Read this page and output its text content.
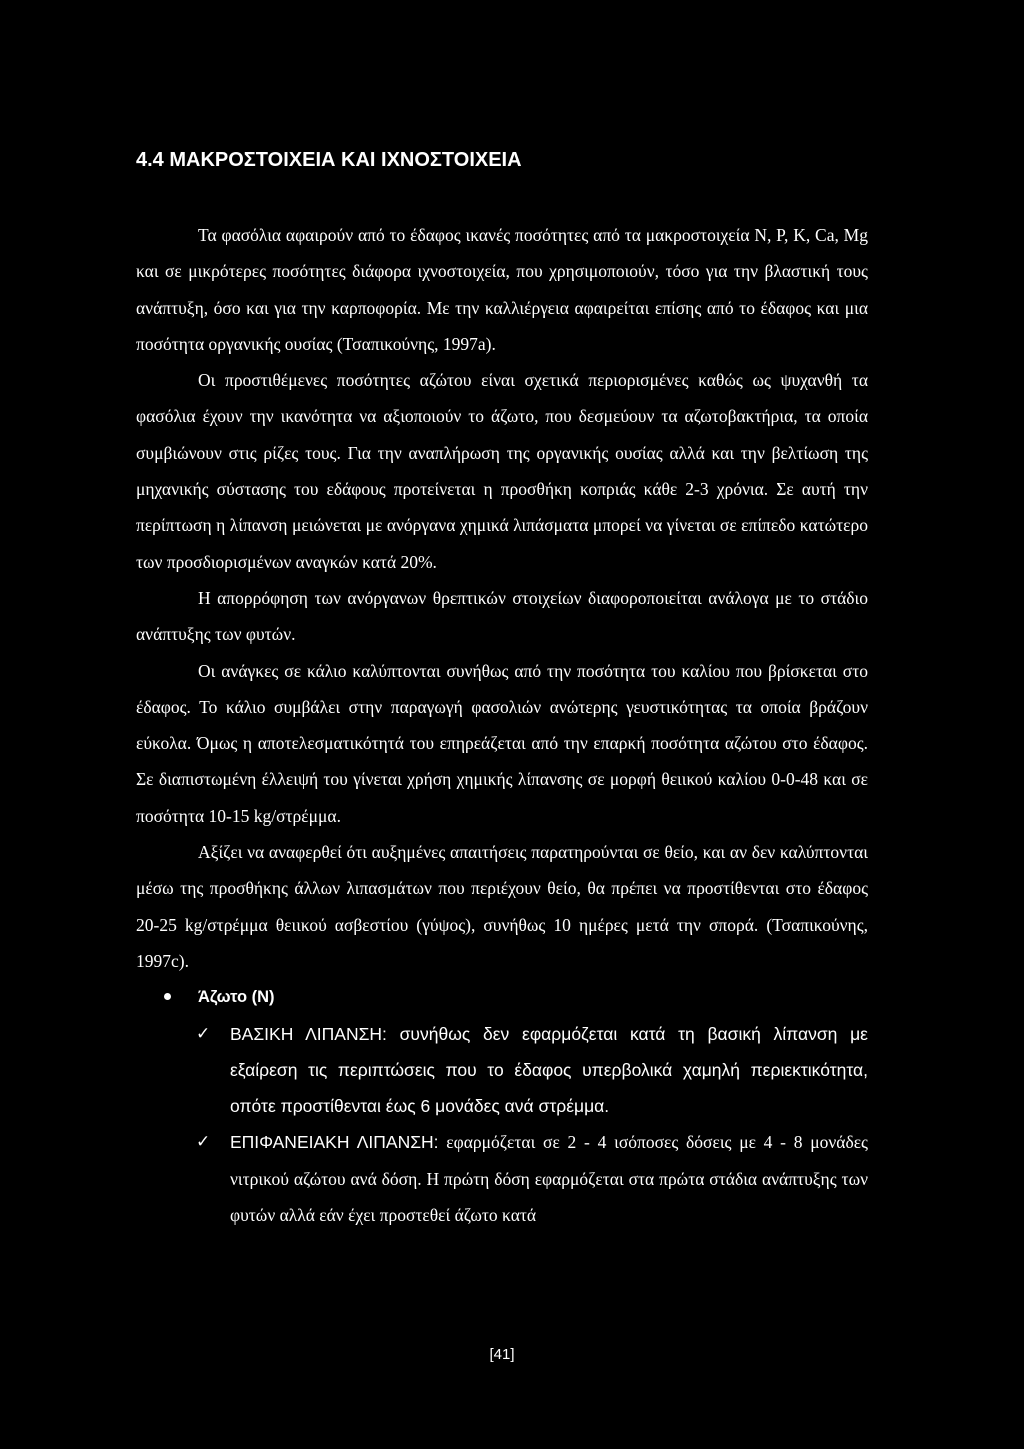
4.4 ΜΑΚΡΟΣΤΟΙΧΕΙΑ ΚΑΙ ΙΧΝΟΣΤΟΙΧΕΙΑ

Τα φασόλια αφαιρούν από το έδαφος ικανές ποσότητες από τα μακροστοιχεία Ν, Ρ, Κ, Ca, Mg και σε μικρότερες ποσότητες διάφορα ιχνοστοιχεία, που χρησιμοποιούν, τόσο για την βλαστική τους ανάπτυξη, όσο και για την καρποφορία. Με την καλλιέργεια αφαιρείται επίσης από το έδαφος και μια ποσότητα οργανικής ουσίας (Τσαπικούνης, 1997a).

Οι προστιθέμενες ποσότητες αζώτου είναι σχετικά περιορισμένες καθώς ως ψυχανθή τα φασόλια έχουν την ικανότητα να αξιοποιούν το άζωτο, που δεσμεύουν τα αζωτοβακτήρια, τα οποία συμβιώνουν στις ρίζες τους. Για την αναπλήρωση της οργανικής ουσίας αλλά και την βελτίωση της μηχανικής σύστασης του εδάφους προτείνεται η προσθήκη κοπριάς κάθε 2-3 χρόνια. Σε αυτή την περίπτωση η λίπανση μειώνεται με ανόργανα χημικά λιπάσματα μπορεί να γίνεται σε επίπεδο κατώτερο των προσδιορισμένων αναγκών κατά 20%.

Η απορρόφηση των ανόργανων θρεπτικών στοιχείων διαφοροποιείται ανάλογα με το στάδιο ανάπτυξης των φυτών.

Οι ανάγκες σε κάλιο καλύπτονται συνήθως από την ποσότητα του καλίου που βρίσκεται στο έδαφος. Το κάλιο συμβάλει στην παραγωγή φασολιών ανώτερης γευστικότητας τα οποία βράζουν εύκολα. Όμως η αποτελεσματικότητά του επηρεάζεται από την επαρκή ποσότητα αζώτου στο έδαφος. Σε διαπιστωμένη έλλειψή του γίνεται χρήση χημικής λίπανσης σε μορφή θειικού καλίου 0-0-48 και σε ποσότητα 10-15 kg/στρέμμα.

Αξίζει να αναφερθεί ότι αυξημένες απαιτήσεις παρατηρούνται σε θείο, και αν δεν καλύπτονται μέσω της προσθήκης άλλων λιπασμάτων που περιέχουν θείο, θα πρέπει να προστίθενται στο έδαφος 20-25 kg/στρέμμα θειικού ασβεστίου (γύψος), συνήθως 10 ημέρες μετά την σπορά. (Τσαπικούνης, 1997c).

Άζωτο (Ν)

✓ ΒΑΣΙΚΗ ΛΙΠΑΝΣΗ: συνήθως δεν εφαρμόζεται κατά τη βασική λίπανση με εξαίρεση τις περιπτώσεις που το έδαφος υπερβολικά χαμηλή περιεκτικότητα, οπότε προστίθενται έως 6 μονάδες ανά στρέμμα.

✓ ΕΠΙΦΑΝΕΙΑΚΗ ΛΙΠΑΝΣΗ: εφαρμόζεται σε 2 - 4 ισόποσες δόσεις με 4 - 8 μονάδες νιτρικού αζώτου ανά δόση. Η πρώτη δόση εφαρμόζεται στα πρώτα στάδια ανάπτυξης των φυτών αλλά εάν έχει προστεθεί άζωτο κατά

[41]
